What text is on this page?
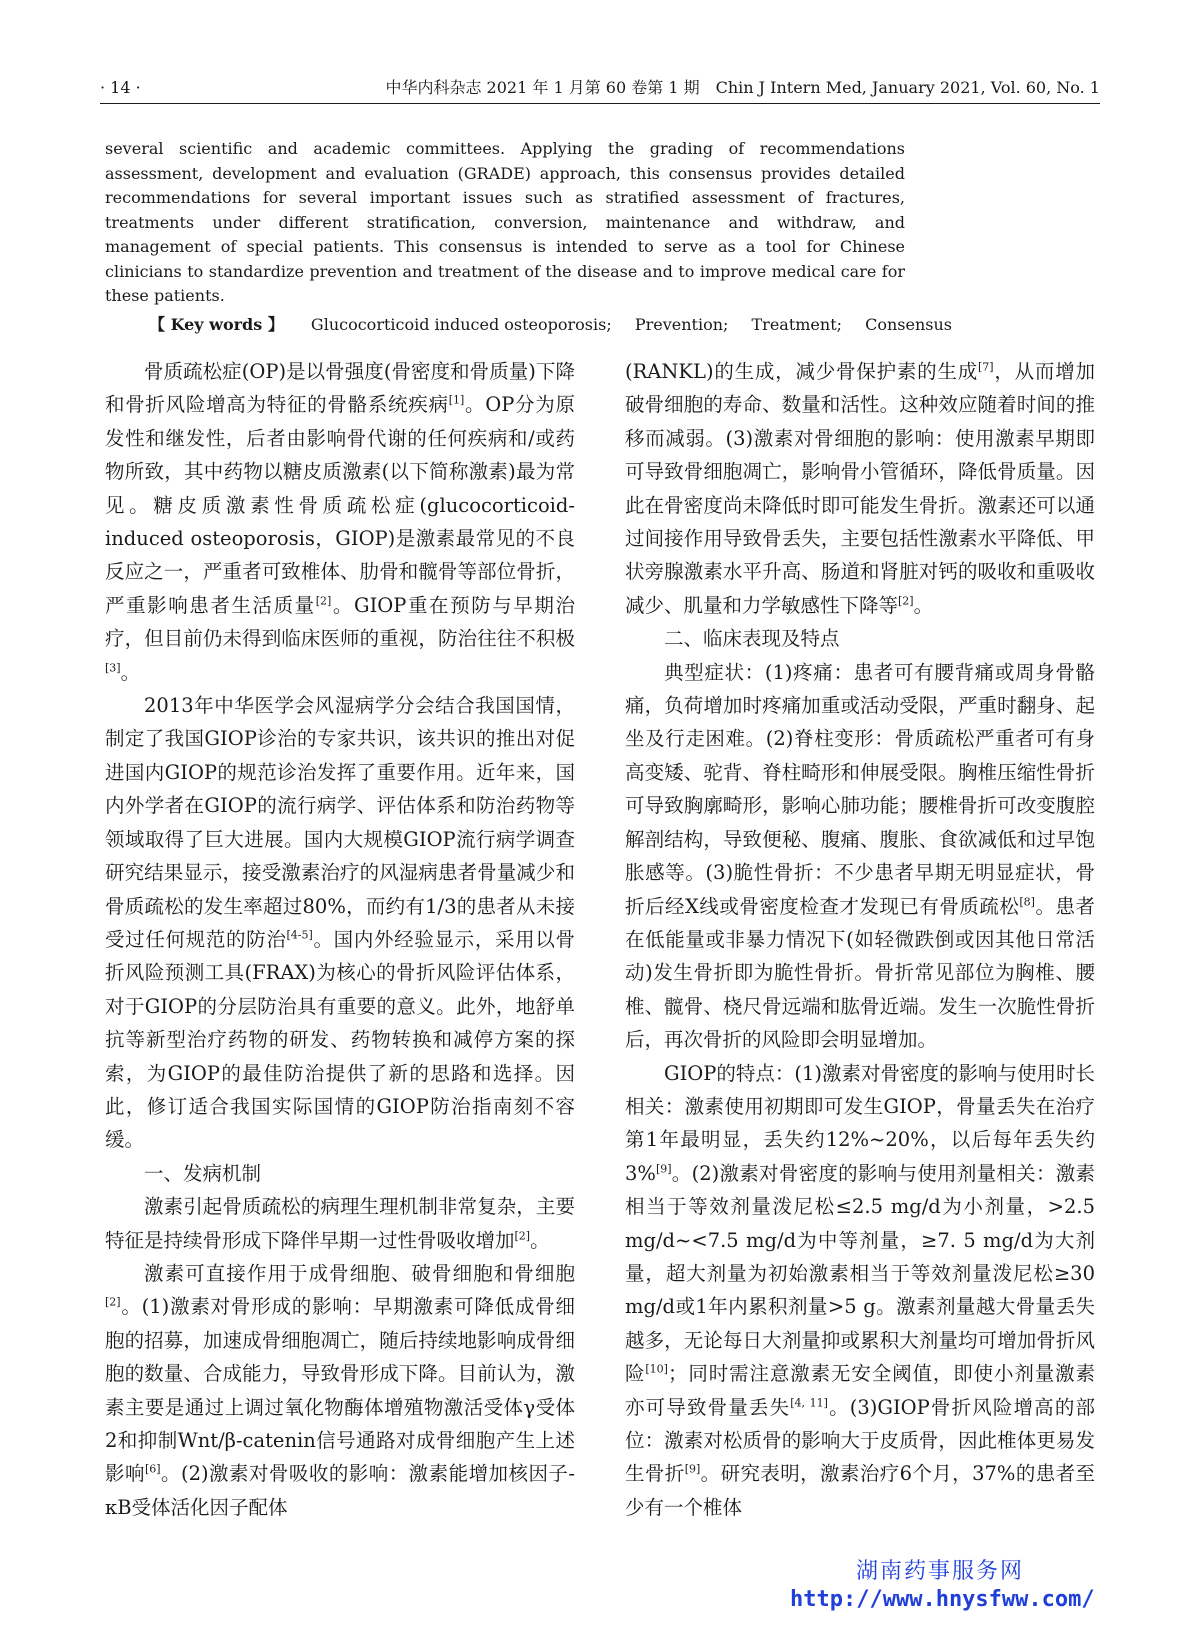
· 14 ·	中华内科杂志 2021 年 1 月第 60 卷第 1 期　Chin J Intern Med, January 2021, Vol. 60, No. 1

several scientific and academic committees. Applying the grading of recommendations assessment, development and evaluation (GRADE) approach, this consensus provides detailed recommendations for several important issues such as stratified assessment of fractures, treatments under different stratification, conversion, maintenance and withdraw, and management of special patients. This consensus is intended to serve as a tool for Chinese clinicians to standardize prevention and treatment of the disease and to improve medical care for these patients.

【 Key words 】 Glucocorticoid induced osteoporosis; Prevention; Treatment; Consensus

骨质疏松症(OP)是以骨强度(骨密度和骨质量)下降和骨折风险增高为特征的骨骼系统疾病[1]。OP分为原发性和继发性，后者由影响骨代谢的任何疾病和/或药物所致，其中药物以糖皮质激素(以下简称激素)最为常见。糖皮质激素性骨质疏松症(glucocorticoid-induced osteoporosis，GIOP)是激素最常见的不良反应之一，严重者可致椎体、肋骨和髋骨等部位骨折，严重影响患者生活质量[2]。GIOP重在预防与早期治疗，但目前仍未得到临床医师的重视，防治往往不积极[3]。

2013年中华医学会风湿病学分会结合我国国情，制定了我国GIOP诊治的专家共识，该共识的推出对促进国内GIOP的规范诊治发挥了重要作用。近年来，国内外学者在GIOP的流行病学、评估体系和防治药物等领域取得了巨大进展。国内大规模GIOP流行病学调查研究结果显示，接受激素治疗的风湿病患者骨量减少和骨质疏松的发生率超过80%，而约有1/3的患者从未接受过任何规范的防治[4-5]。国内外经验显示，采用以骨折风险预测工具(FRAX)为核心的骨折风险评估体系，对于GIOP的分层防治具有重要的意义。此外，地舒单抗等新型治疗药物的研发、药物转换和减停方案的探索，为GIOP的最佳防治提供了新的思路和选择。因此，修订适合我国实际国情的GIOP防治指南刻不容缓。

一、发病机制

激素引起骨质疏松的病理生理机制非常复杂，主要特征是持续骨形成下降伴早期一过性骨吸收增加[2]。

激素可直接作用于成骨细胞、破骨细胞和骨细胞[2]。(1)激素对骨形成的影响：早期激素可降低成骨细胞的招募，加速成骨细胞凋亡，随后持续地影响成骨细胞的数量、合成能力，导致骨形成下降。目前认为，激素主要是通过上调过氧化物酶体增殖物激活受体γ受体2和抑制Wnt/β-catenin信号通路对成骨细胞产生上述影响[6]。(2)激素对骨吸收的影响：激素能增加核因子-κB受体活化因子配体

(RANKL)的生成，减少骨保护素的生成[7]，从而增加破骨细胞的寿命、数量和活性。这种效应随着时间的推移而减弱。(3)激素对骨细胞的影响：使用激素早期即可导致骨细胞凋亡，影响骨小管循环，降低骨质量。因此在骨密度尚未降低时即可能发生骨折。激素还可以通过间接作用导致骨丢失，主要包括性激素水平降低、甲状旁腺激素水平升高、肠道和肾脏对钙的吸收和重吸收减少、肌量和力学敏感性下降等[2]。

二、临床表现及特点

典型症状：(1)疼痛：患者可有腰背痛或周身骨骼痛，负荷增加时疼痛加重或活动受限，严重时翻身、起坐及行走困难。(2)脊柱变形：骨质疏松严重者可有身高变矮、驼背、脊柱畸形和伸展受限。胸椎压缩性骨折可导致胸廓畸形，影响心肺功能；腰椎骨折可改变腹腔解剖结构，导致便秘、腹痛、腹胀、食欲减低和过早饱胀感等。(3)脆性骨折：不少患者早期无明显症状，骨折后经X线或骨密度检查才发现已有骨质疏松[8]。患者在低能量或非暴力情况下(如轻微跌倒或因其他日常活动)发生骨折即为脆性骨折。骨折常见部位为胸椎、腰椎、髋骨、桡尺骨远端和肱骨近端。发生一次脆性骨折后，再次骨折的风险即会明显增加。

GIOP的特点：(1)激素对骨密度的影响与使用时长相关：激素使用初期即可发生GIOP，骨量丢失在治疗第1年最明显，丢失约12%~20%，以后每年丢失约3%[9]。(2)激素对骨密度的影响与使用剂量相关：激素相当于等效剂量泼尼松≤2.5 mg/d为小剂量，>2.5 mg/d~<7.5 mg/d为中等剂量，≥7. 5 mg/d为大剂量，超大剂量为初始激素相当于等效剂量泼尼松≥30 mg/d或1年内累积剂量>5 g。激素剂量越大骨量丢失越多，无论每日大剂量抑或累积大剂量均可增加骨折风险[10]；同时需注意激素无安全阈值，即使小剂量激素亦可导致骨量丢失[4, 11]。(3)GIOP骨折风险增高的部位：激素对松质骨的影响大于皮质骨，因此椎体更易发生骨折[9]。研究表明，激素治疗6个月，37%的患者至少有一个椎体

湖南药事服务网
http://www.hnysfww.com/
